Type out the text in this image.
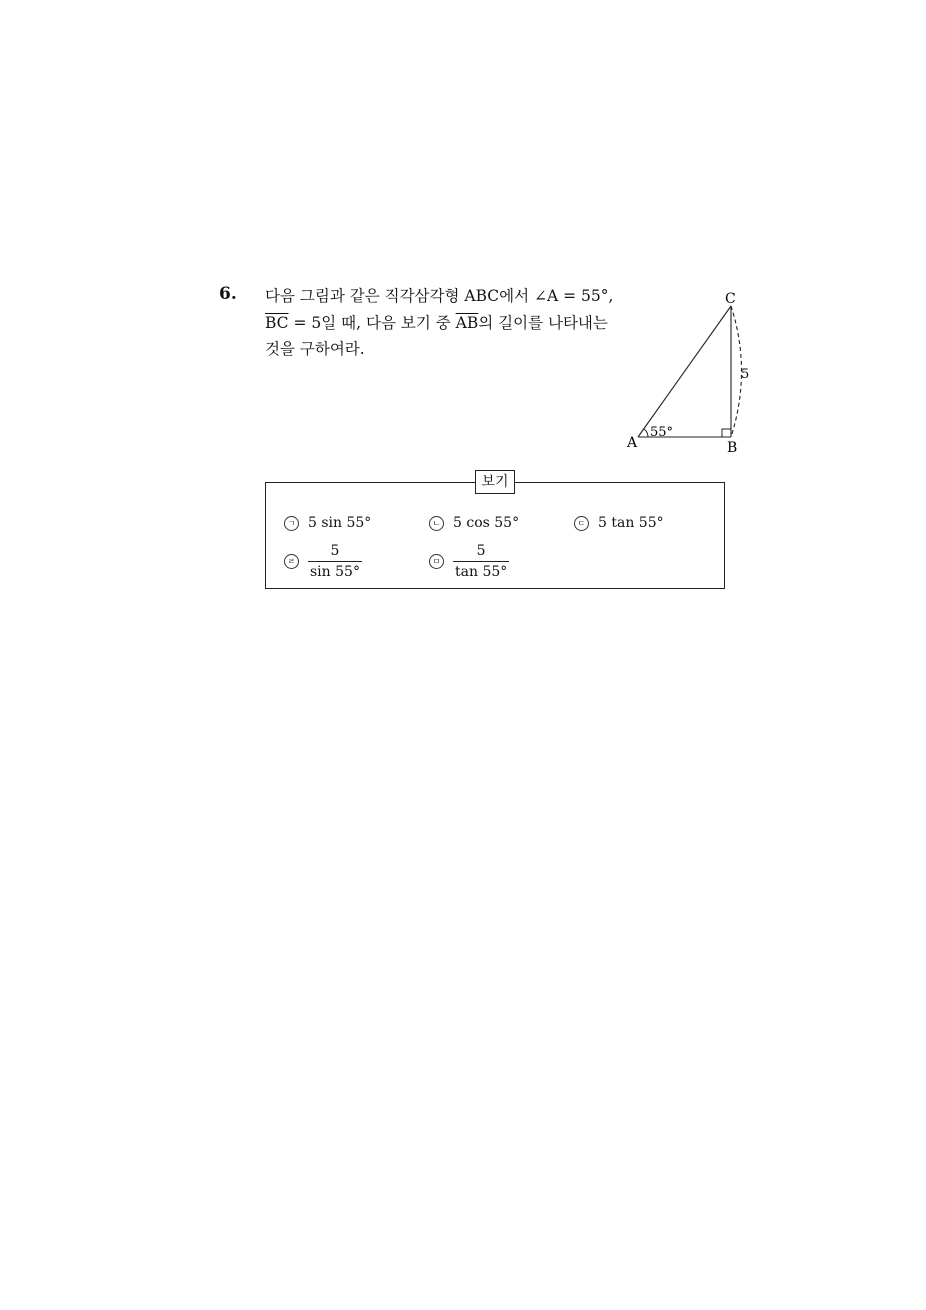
6. 다음 그림과 같은 직각삼각형 ABC에서 ∠A = 55°,
$\overline{BC} = 5$일 때, 다음 보기 중 $\overline{AB}$의 길이를 나타내는
것을 구하여라.
A	B
C
55°
5
보기
ㄱ 5 sin 55°	ㄴ 5 cos 55°	ㄷ 5 tan 55°
ㄹ $\frac{5}{\sin 55^\circ}$	ㅁ $\frac{5}{\tan 55^\circ}$
